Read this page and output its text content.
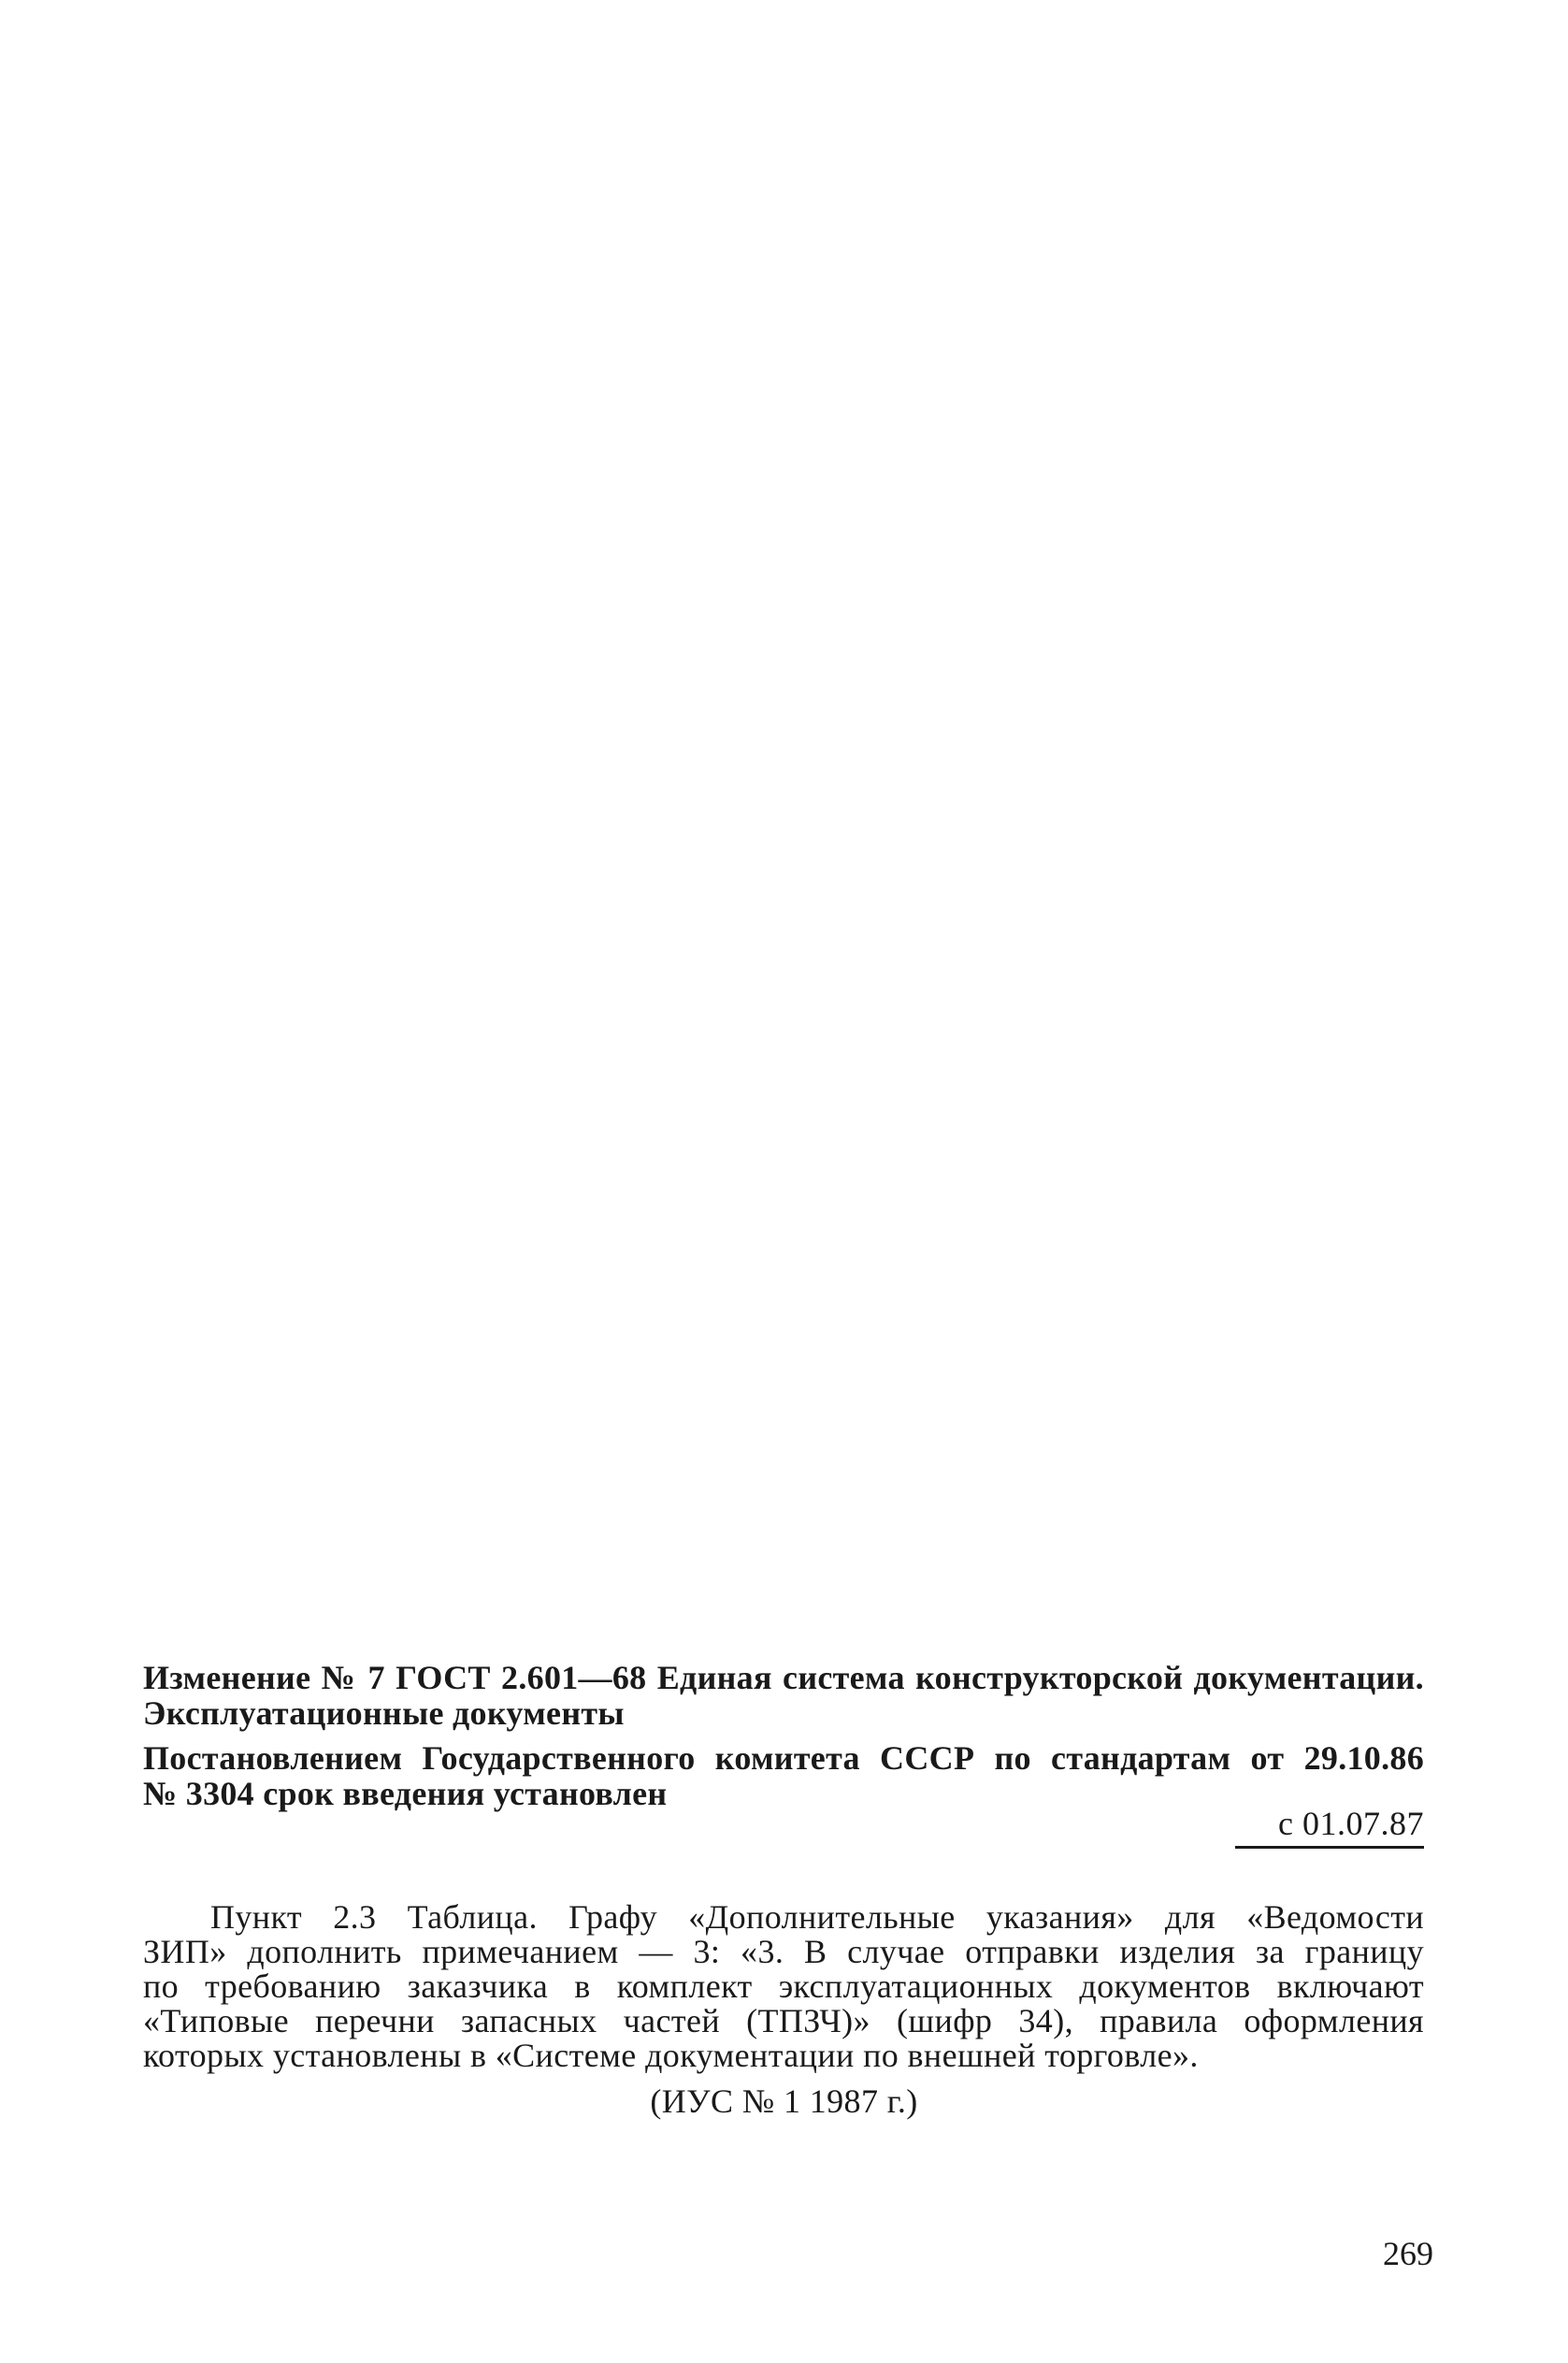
Изменение № 7 ГОСТ 2.601—68 Единая система конструкторской документации.
Эксплуатационные документы
Постановлением Государственного комитета СССР по стандартам от 29.10.86
№ 3304 срок введения установлен
с 01.07.87
Пункт 2.3 Таблица. Графу «Дополнительные указания» для «Ведомости
ЗИП» дополнить примечанием — 3: «3. В случае отправки изделия за границу
по требованию заказчика в комплект эксплуатационных документов включают
«Типовые перечни запасных частей (ТПЗЧ)» (шифр 34), правила оформления
которых установлены в «Системе документации по внешней торговле».
(ИУС № 1 1987 г.)
269
